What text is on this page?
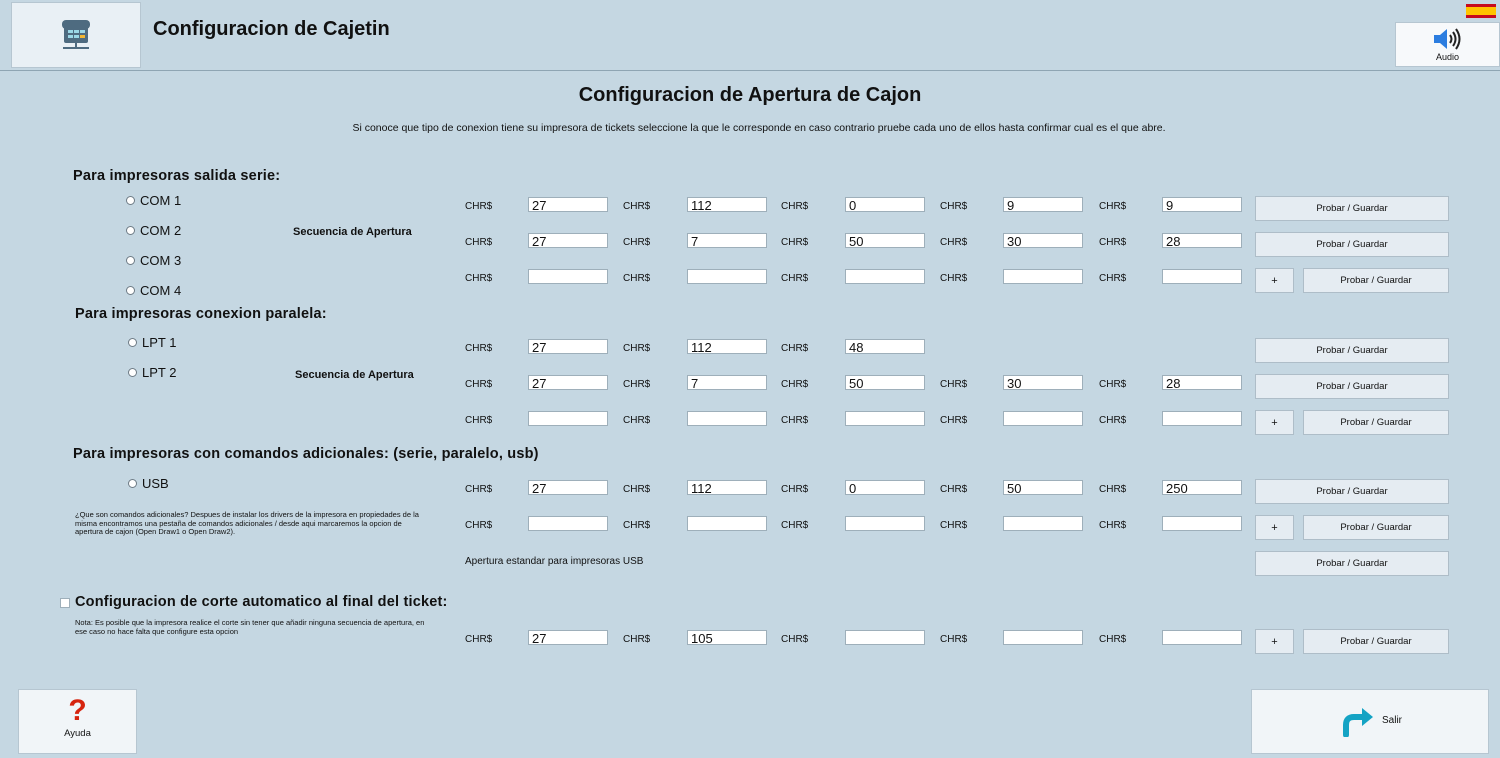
Configuracion de Cajetin
Audio
Configuracion de Apertura de Cajon
Si conoce que tipo de conexion tiene su impresora de tickets seleccione la que le corresponde en caso contrario pruebe cada uno de ellos hasta confirmar cual es el que abre.
Para impresoras salida serie:
COM 1
COM 2
COM 3
COM 4
Secuencia de Apertura
CHR$	27	CHR$	112	CHR$	0	CHR$	9	CHR$	9	Probar / Guardar
CHR$	27	CHR$	7	CHR$	50	CHR$	30	CHR$	28	Probar / Guardar
CHR$	CHR$	CHR$	CHR$	CHR$	+	Probar / Guardar
CHR$	27	CHR$	112	CHR$	48	Probar / Guardar
CHR$	27	CHR$	7	CHR$	50	CHR$	30	CHR$	28	Probar / Guardar
CHR$	CHR$	CHR$	CHR$	CHR$	+	Probar / Guardar
CHR$	27	CHR$	112	CHR$	0	CHR$	50	CHR$	250	Probar / Guardar
CHR$	CHR$	CHR$	CHR$	CHR$	+	Probar / Guardar
CHR$	27	CHR$	105	CHR$	CHR$	CHR$	+	Probar / Guardar
Probar / Guardar
Para impresoras conexion paralela:
LPT 1
LPT 2	Secuencia de Apertura
Para impresoras con comandos adicionales: (serie, paralelo, usb)
USB
¿Que son comandos adicionales? Despues de instalar los drivers de la impresora en propiedades de la misma encontramos una pestaña de comandos adicionales / desde aqui marcaremos la opcion de apertura de cajon (Open Draw1 o Open Draw2).
Apertura estandar para impresoras USB
Configuracion de corte automatico al final del ticket:
Nota: Es posible que la impresora realice el corte sin tener que añadir ninguna secuencia de apertura, en ese caso no hace falta que configure esta opcion
?
Ayuda
Salir
